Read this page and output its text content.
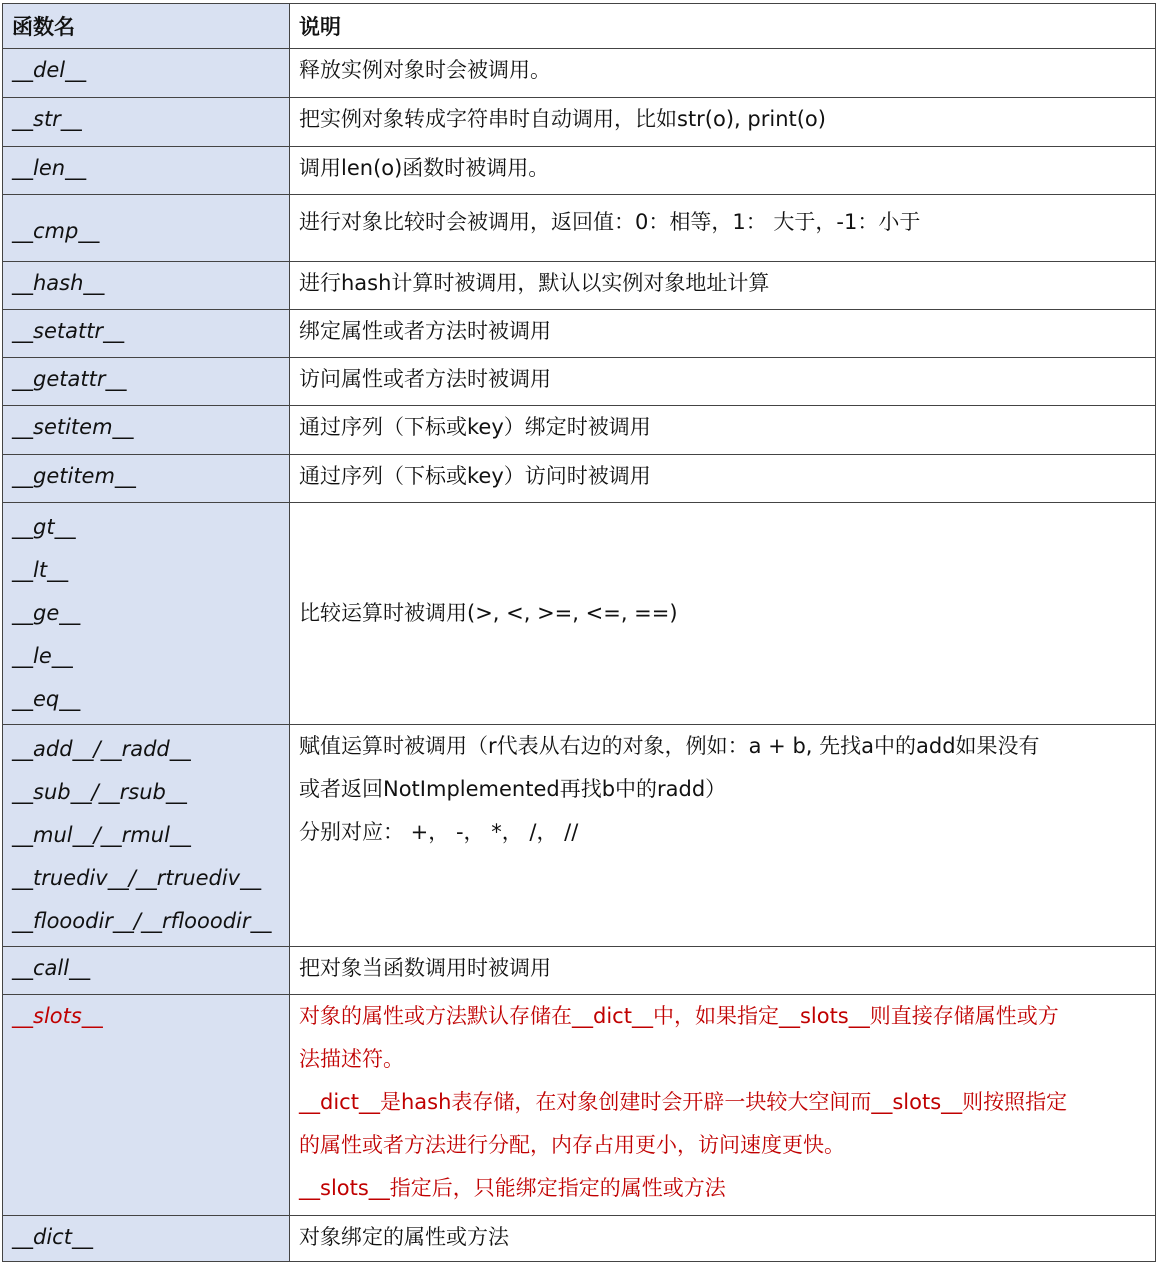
函数名	说明

__del__	释放实例对象时会被调用。

__str__	把实例对象转成字符串时自动调用，比如str(o), print(o)

__len__	调用len(o)函数时被调用。

__cmp__	进行对象比较时会被调用，返回值：0：相等，1： 大于，-1：小于

__hash__	进行hash计算时被调用，默认以实例对象地址计算

__setattr__	绑定属性或者方法时被调用

__getattr__	访问属性或者方法时被调用

__setitem__	通过序列（下标或key）绑定时被调用

__getitem__	通过序列（下标或key）访问时被调用

__gt__
__lt__
__ge__
__le__
__eq__	比较运算时被调用(>, <, >=, <=, ==)

__add__/__radd__
__sub__/__rsub__
__mul__/__rmul__
__truediv__/__rtruediv__
__flooodir__/__rflooodir__	赋值运算时被调用（r代表从右边的对象，例如：a + b, 先找a中的add如果没有
或者返回NotImplemented再找b中的radd）
分别对应： +， -， *， /， //

__call__	把对象当函数调用时被调用

__slots__	对象的属性或方法默认存储在__dict__中，如果指定__slots__则直接存储属性或方
法描述符。
__dict__是hash表存储，在对象创建时会开辟一块较大空间而__slots__则按照指定
的属性或者方法进行分配，内存占用更小，访问速度更快。
__slots__指定后，只能绑定指定的属性或方法

__dict__	对象绑定的属性或方法
